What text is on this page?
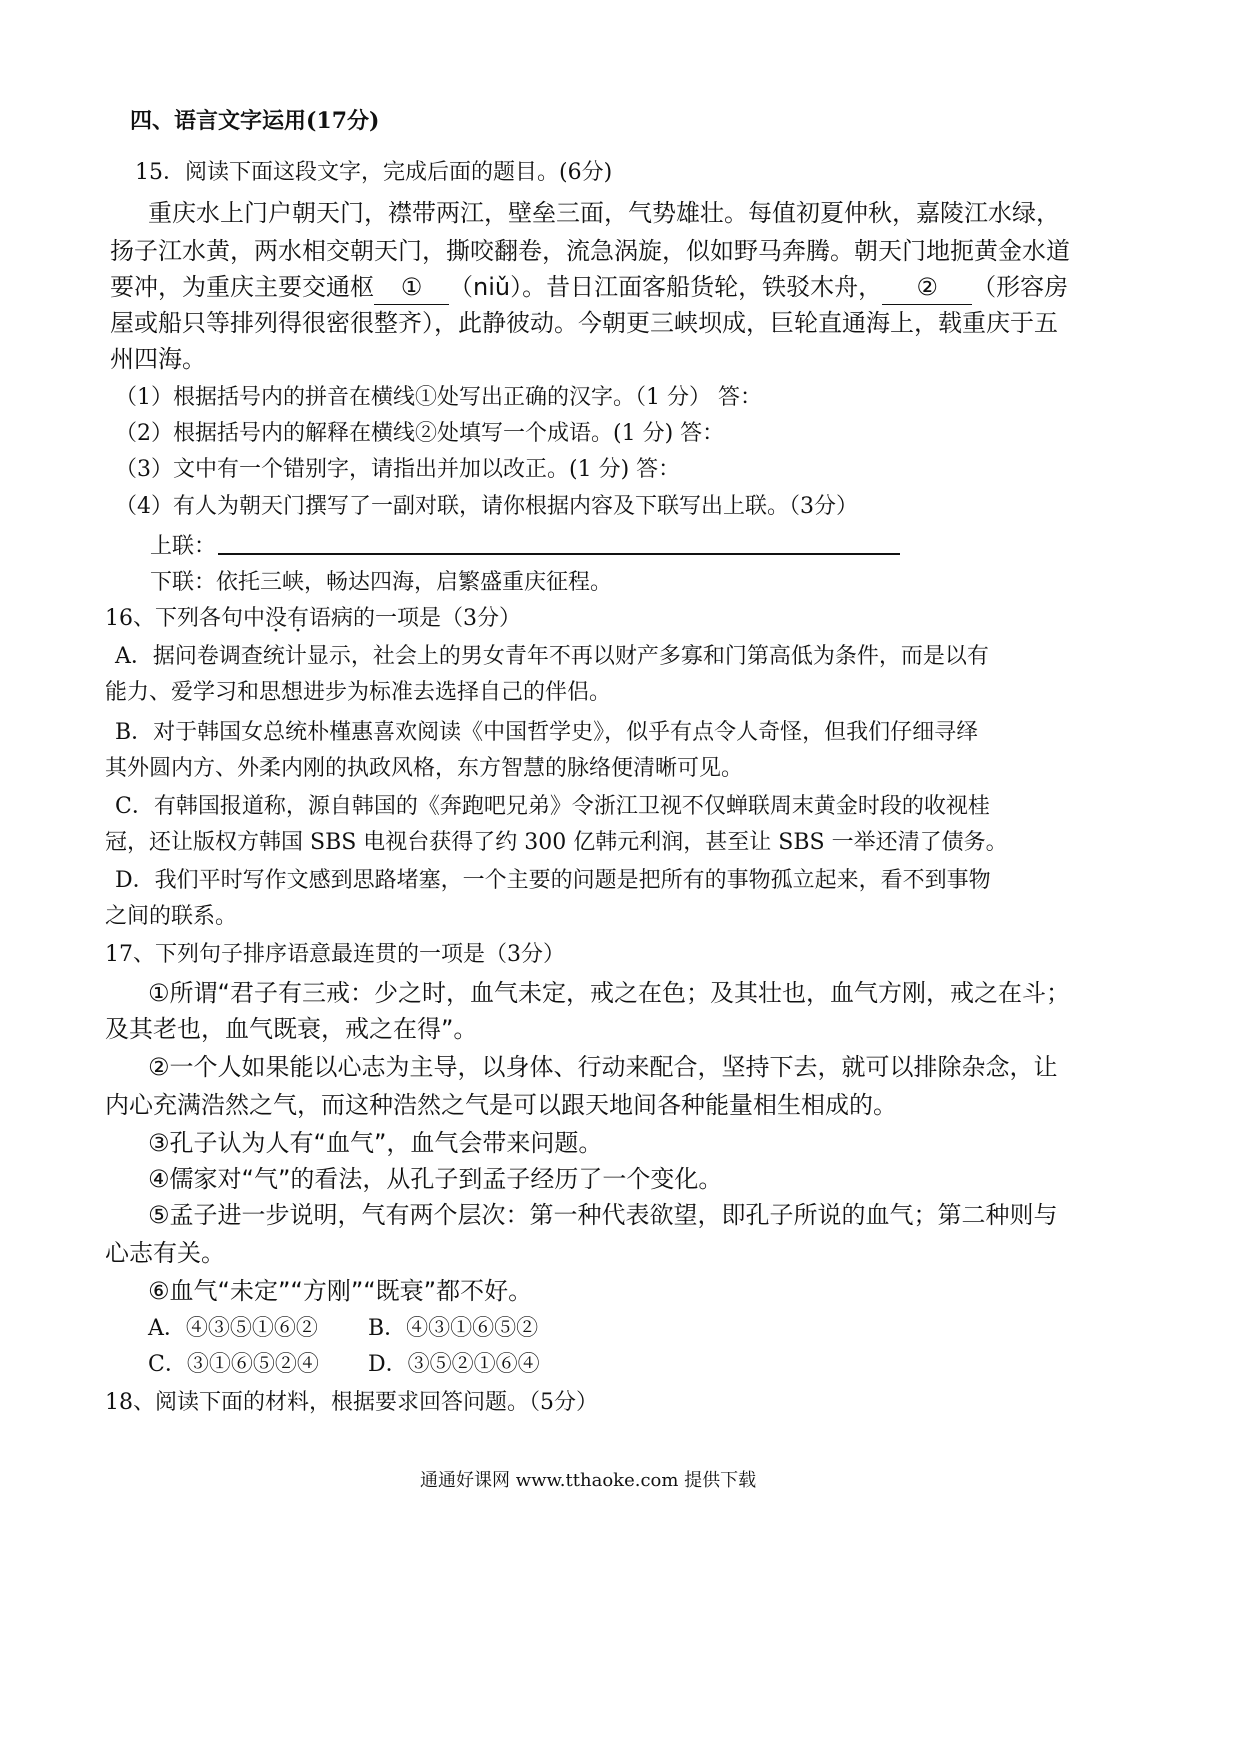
四、语言文字运用(17分)
15．阅读下面这段文字，完成后面的题目。(6分)
重庆水上门户朝天门，襟带两江，壁垒三面，气势雄壮。每值初夏仲秋，嘉陵江水绿，
扬子江水黄，两水相交朝天门，撕咬翻卷，流急涡旋，似如野马奔腾。朝天门地扼黄金水道
要冲，为重庆主要交通枢 ① （niǔ）。昔日江面客船货轮，铁驳木舟， ② （形容房
屋或船只等排列得很密很整齐），此静彼动。今朝更三峡坝成，巨轮直通海上，载重庆于五
州四海。
（1）根据括号内的拼音在横线①处写出正确的汉字。（1 分） 答：
（2）根据括号内的解释在横线②处填写一个成语。(1 分) 答：
（3）文中有一个错别字，请指出并加以改正。(1 分) 答：
（4）有人为朝天门撰写了一副对联，请你根据内容及下联写出上联。（3分）
上联：
下联：依托三峡，畅达四海，启繁盛重庆征程。
16、下列各句中没有语病的一项是（3分）
A．据问卷调查统计显示，社会上的男女青年不再以财产多寡和门第高低为条件，而是以有
能力、爱学习和思想进步为标准去选择自己的伴侣。
B．对于韩国女总统朴槿惠喜欢阅读《中国哲学史》，似乎有点令人奇怪，但我们仔细寻绎
其外圆内方、外柔内刚的执政风格，东方智慧的脉络便清晰可见。
C．有韩国报道称，源自韩国的《奔跑吧兄弟》令浙江卫视不仅蝉联周末黄金时段的收视桂
冠，还让版权方韩国 SBS 电视台获得了约 300 亿韩元利润，甚至让 SBS 一举还清了债务。
D．我们平时写作文感到思路堵塞，一个主要的问题是把所有的事物孤立起来，看不到事物
之间的联系。
17、下列句子排序语意最连贯的一项是（3分）
①所谓“君子有三戒：少之时，血气未定，戒之在色；及其壮也，血气方刚，戒之在斗；
及其老也，血气既衰，戒之在得”。
②一个人如果能以心志为主导，以身体、行动来配合，坚持下去，就可以排除杂念，让
内心充满浩然之气，而这种浩然之气是可以跟天地间各种能量相生相成的。
③孔子认为人有“血气”，血气会带来问题。
④儒家对“气”的看法，从孔子到孟子经历了一个变化。
⑤孟子进一步说明，气有两个层次：第一种代表欲望，即孔子所说的血气；第二种则与
心志有关。
⑥血气“未定”“方刚”“既衰”都不好。
A．④③⑤①⑥② B．④③①⑥⑤②
C．③①⑥⑤②④ D．③⑤②①⑥④
18、阅读下面的材料，根据要求回答问题。（5分）
通通好课网 www.tthaoke.com 提供下载
